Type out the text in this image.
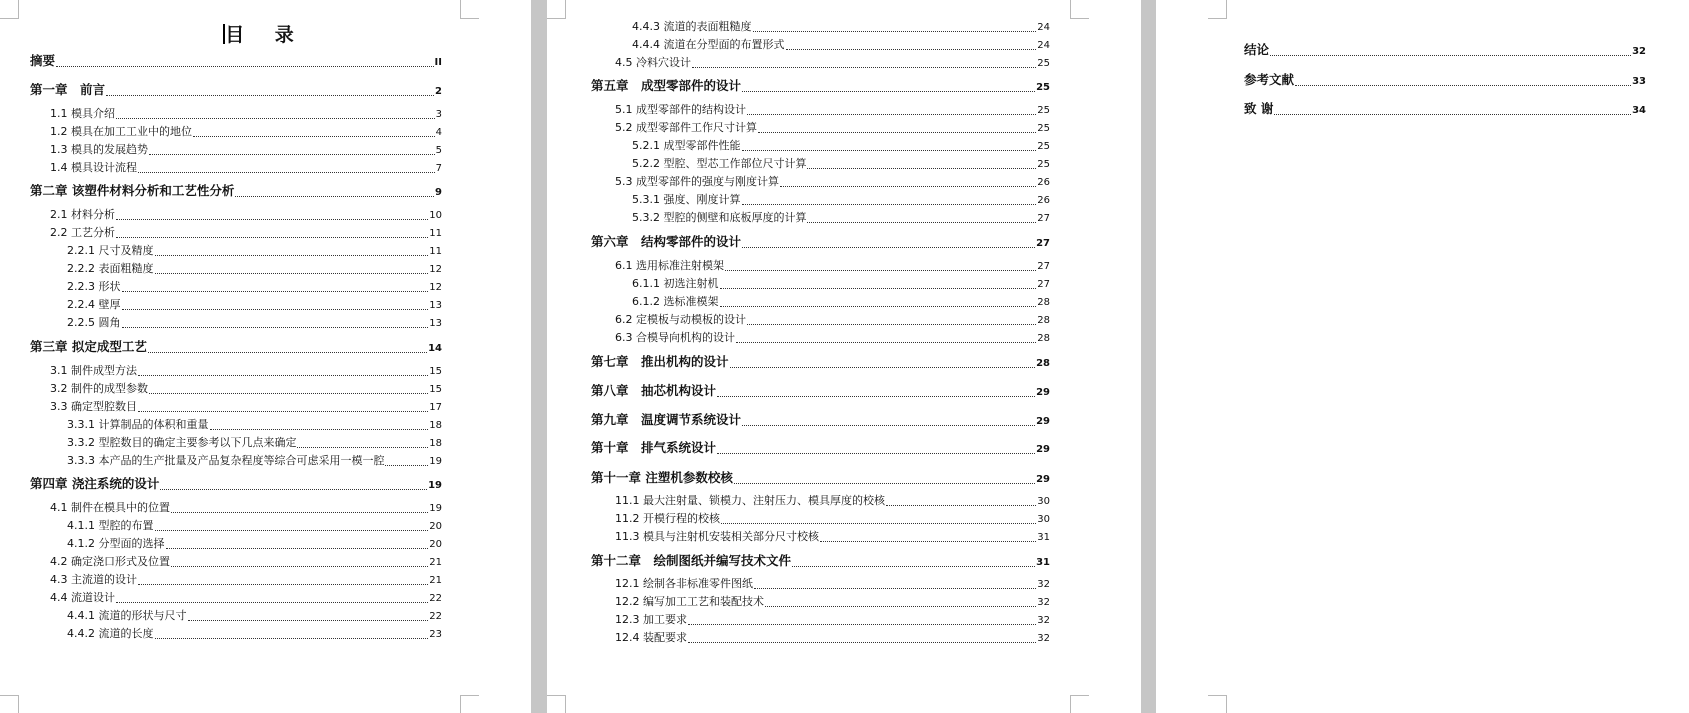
目 录
摘要	II
第一章　前言	2
1.1 模具介绍	3
1.2 模具在加工工业中的地位	4
1.3 模具的发展趋势	5
1.4 模具设计流程	7
第二章 该塑件材料分析和工艺性分析	9
2.1 材料分析	10
2.2 工艺分析	11
2.2.1 尺寸及精度	11
2.2.2 表面粗糙度	12
2.2.3 形状	12
2.2.4 壁厚	13
2.2.5 圆角	13
第三章 拟定成型工艺	14
3.1 制件成型方法	15
3.2 制件的成型参数	15
3.3 确定型腔数目	17
3.3.1 计算制品的体积和重量	18
3.3.2 型腔数目的确定主要参考以下几点来确定	18
3.3.3 本产品的生产批量及产品复杂程度等综合可虑采用一模一腔	19
第四章 浇注系统的设计	19
4.1 制件在模具中的位置	19
4.1.1 型腔的布置	20
4.1.2 分型面的选择	20
4.2 确定浇口形式及位置	21
4.3 主流道的设计	21
4.4 流道设计	22
4.4.1 流道的形状与尺寸	22
4.4.2 流道的长度	23
4.4.3 流道的表面粗糙度	24
4.4.4 流道在分型面的布置形式	24
4.5 冷料穴设计	25
第五章　成型零部件的设计	25
5.1 成型零部件的结构设计	25
5.2 成型零部件工作尺寸计算	25
5.2.1 成型零部件性能	25
5.2.2 型腔、型芯工作部位尺寸计算	25
5.3 成型零部件的强度与刚度计算	26
5.3.1 强度、刚度计算	26
5.3.2 型腔的侧壁和底板厚度的计算	27
第六章　结构零部件的设计	27
6.1 选用标准注射模架	27
6.1.1 初选注射机	27
6.1.2 选标准模架	28
6.2 定模板与动模板的设计	28
6.3 合模导向机构的设计	28
第七章　推出机构的设计	28
第八章　抽芯机构设计	29
第九章　温度调节系统设计	29
第十章　排气系统设计	29
第十一章 注塑机参数校核	29
11.1 最大注射量、锁模力、注射压力、模具厚度的校核	30
11.2 开模行程的校核	30
11.3 模具与注射机安装相关部分尺寸校核	31
第十二章　绘制图纸并编写技术文件	31
12.1 绘制各非标准零件图纸	32
12.2 编写加工工艺和装配技术	32
12.3 加工要求	32
12.4 装配要求	32
结论	32
参考文献	33
致 谢	34
